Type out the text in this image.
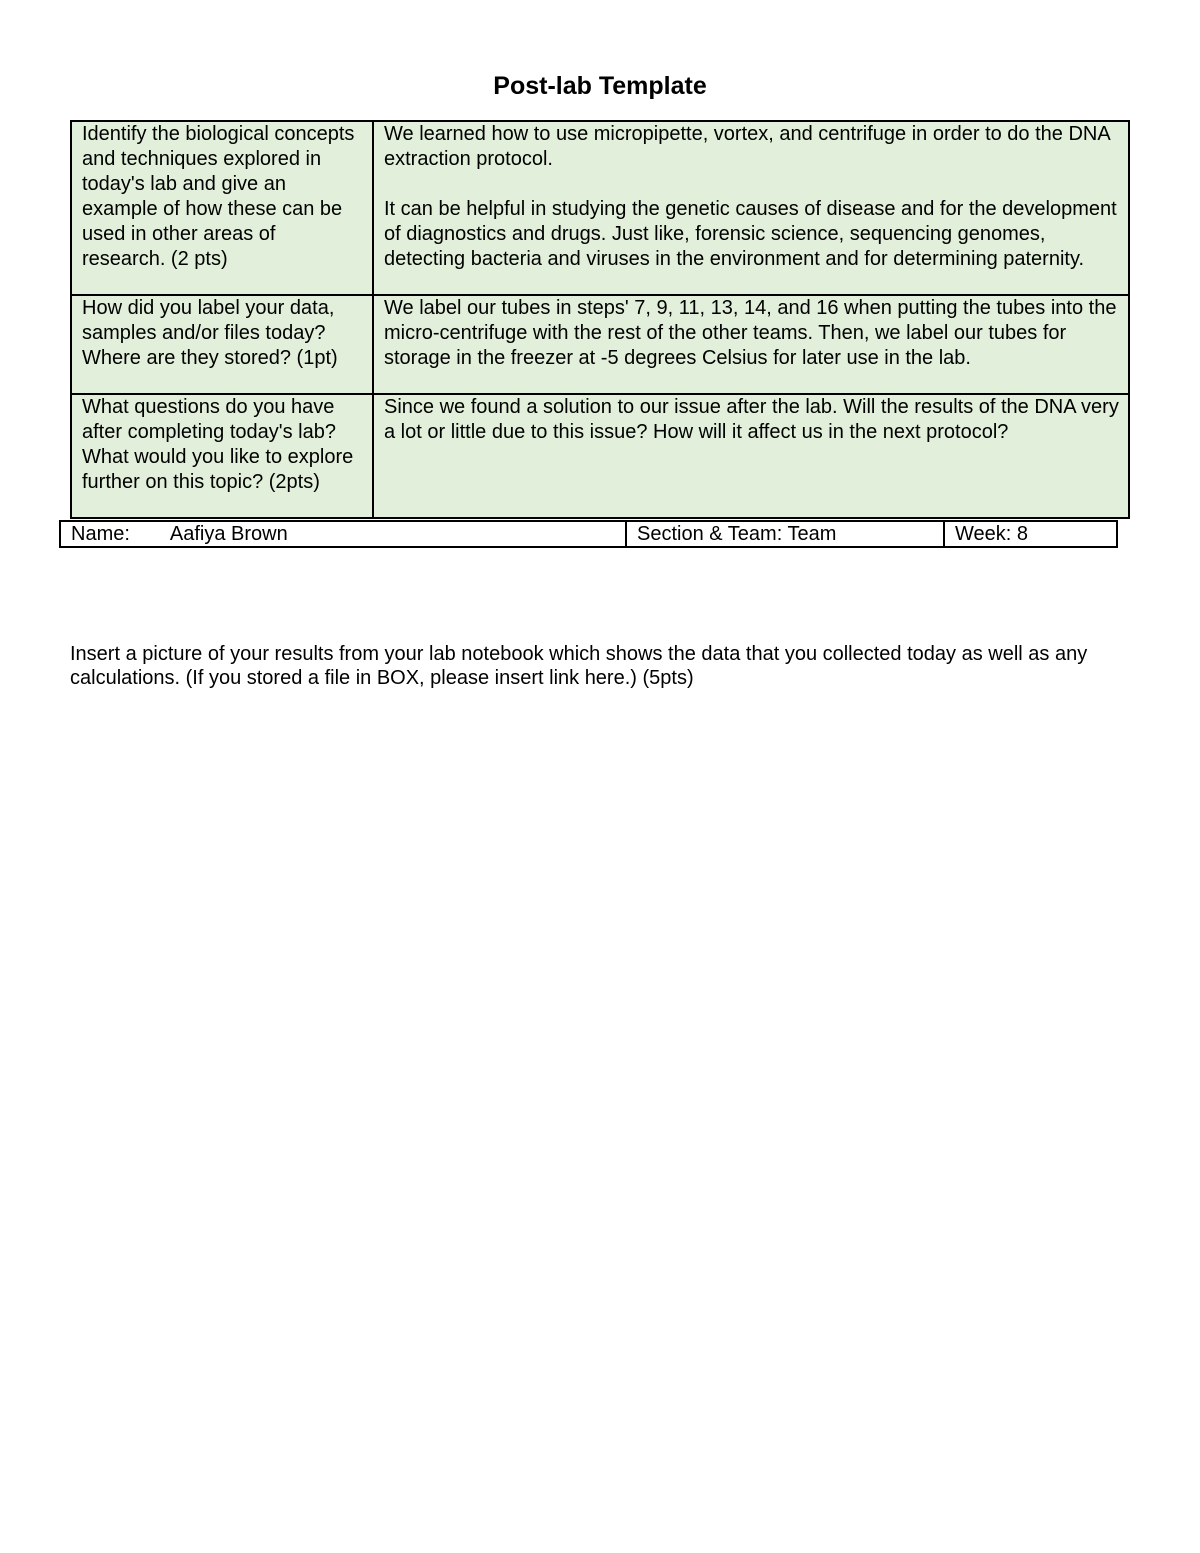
Post-lab Template
Identify the biological concepts and techniques explored in today's lab and give an example of how these can be used in other areas of research. (2 pts)	We learned how to use micropipette, vortex, and centrifuge in order to do the DNA extraction protocol.
It can be helpful in studying the genetic causes of disease and for the development of diagnostics and drugs. Just like, forensic science, sequencing genomes, detecting bacteria and viruses in the environment and for determining paternity.
How did you label your data, samples and/or files today? Where are they stored? (1pt)	We label our tubes in steps' 7, 9, 11, 13, 14, and 16 when putting the tubes into the micro-centrifuge with the rest of the other teams. Then, we label our tubes for storage in the freezer at -5 degrees Celsius for later use in the lab.
What questions do you have after completing today's lab? What would you like to explore further on this topic? (2pts)	Since we found a solution to our issue after the lab. Will the results of the DNA very a lot or little due to this issue? How will it affect us in the next protocol?
Name: Aafiya Brown	Section & Team: Team	Week: 8
Insert a picture of your results from your lab notebook which shows the data that you collected today as well as any calculations. (If you stored a file in BOX, please insert link here.) (5pts)
